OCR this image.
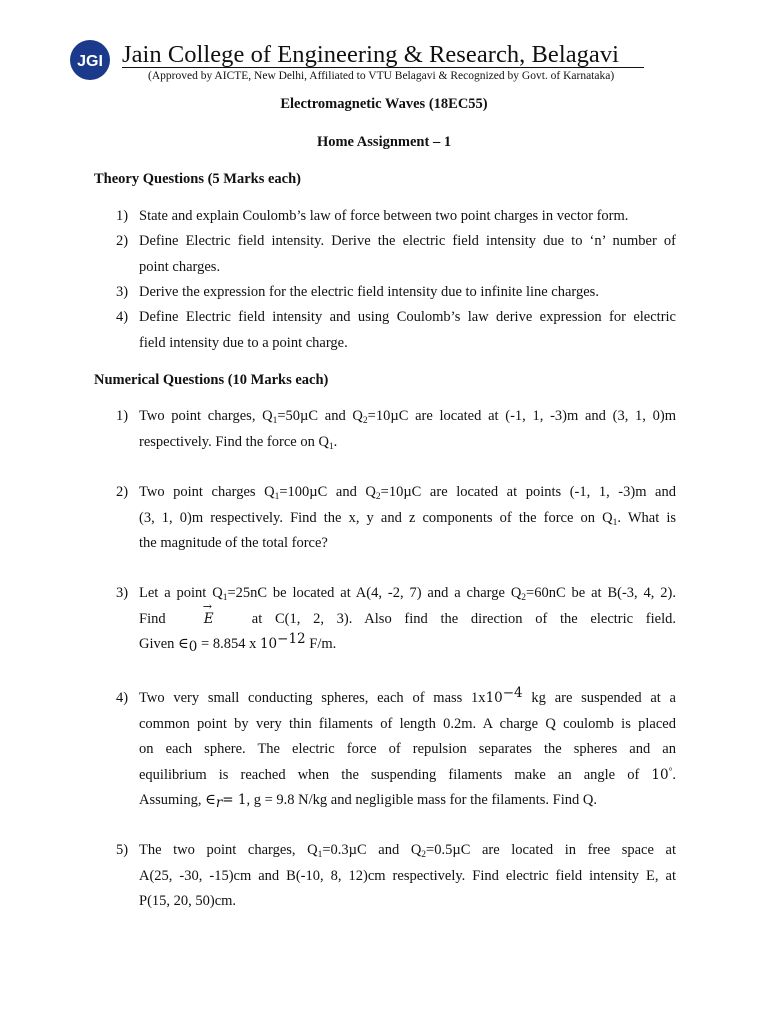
JGI Jain College of Engineering & Research, Belagavi
(Approved by AICTE, New Delhi, Affiliated to VTU Belagavi & Recognized by Govt. of Karnataka)
Electromagnetic Waves (18EC55)
Home Assignment – 1
Theory Questions (5 Marks each)
1) State and explain Coulomb’s law of force between two point charges in vector form.
2) Define Electric field intensity. Derive the electric field intensity due to ‘n’ number of
point charges.
3) Derive the expression for the electric field intensity due to infinite line charges.
4) Define Electric field intensity and using Coulomb’s law derive expression for electric
field intensity due to a point charge.
Numerical Questions (10 Marks each)
1) Two point charges, $Q_1=50\mu C$ and $Q_2=10\mu C$ are located at (-1, 1, -3)m and (3, 1, 0)m
respectively. Find the force on $Q_1$.
2) Two point charges $Q_1=100\mu C$ and $Q_2=10\mu C$ are located at points (-1, 1, -3)m and
(3, 1, 0)m respectively. Find the x, y and z components of the force on $Q_1$. What is
the magnitude of the total force?
3) Let a point $Q_1=25nC$ be located at A(4, -2, 7) and a charge $Q_2=60nC$ be at B(-3, 4, 2).
Find	→ E	at C(1, 2, 3). Also find the direction of the electric field.
Given $\in_0 = 8.854$ x $10^{-12}$ F/m.
4) Two very small conducting spheres, each of mass $1x10^{-4}$ kg are suspended at a
common point by very thin filaments of length 0.2m. A charge Q coulomb is placed
on each sphere. The electric force of repulsion separates the spheres and an
equilibrium is reached when the suspending filaments make an angle of 10°.
Assuming, $\in_r= 1$, g = 9.8 N/kg and negligible mass for the filaments. Find Q.
5) The two point charges, $Q_1=0.3\mu C$ and $Q_2=0.5\mu C$ are located in free space at
A(25, -30, -15)cm and B(-10, 8, 12)cm respectively. Find electric field intensity E, at
P(15, 20, 50)cm.
